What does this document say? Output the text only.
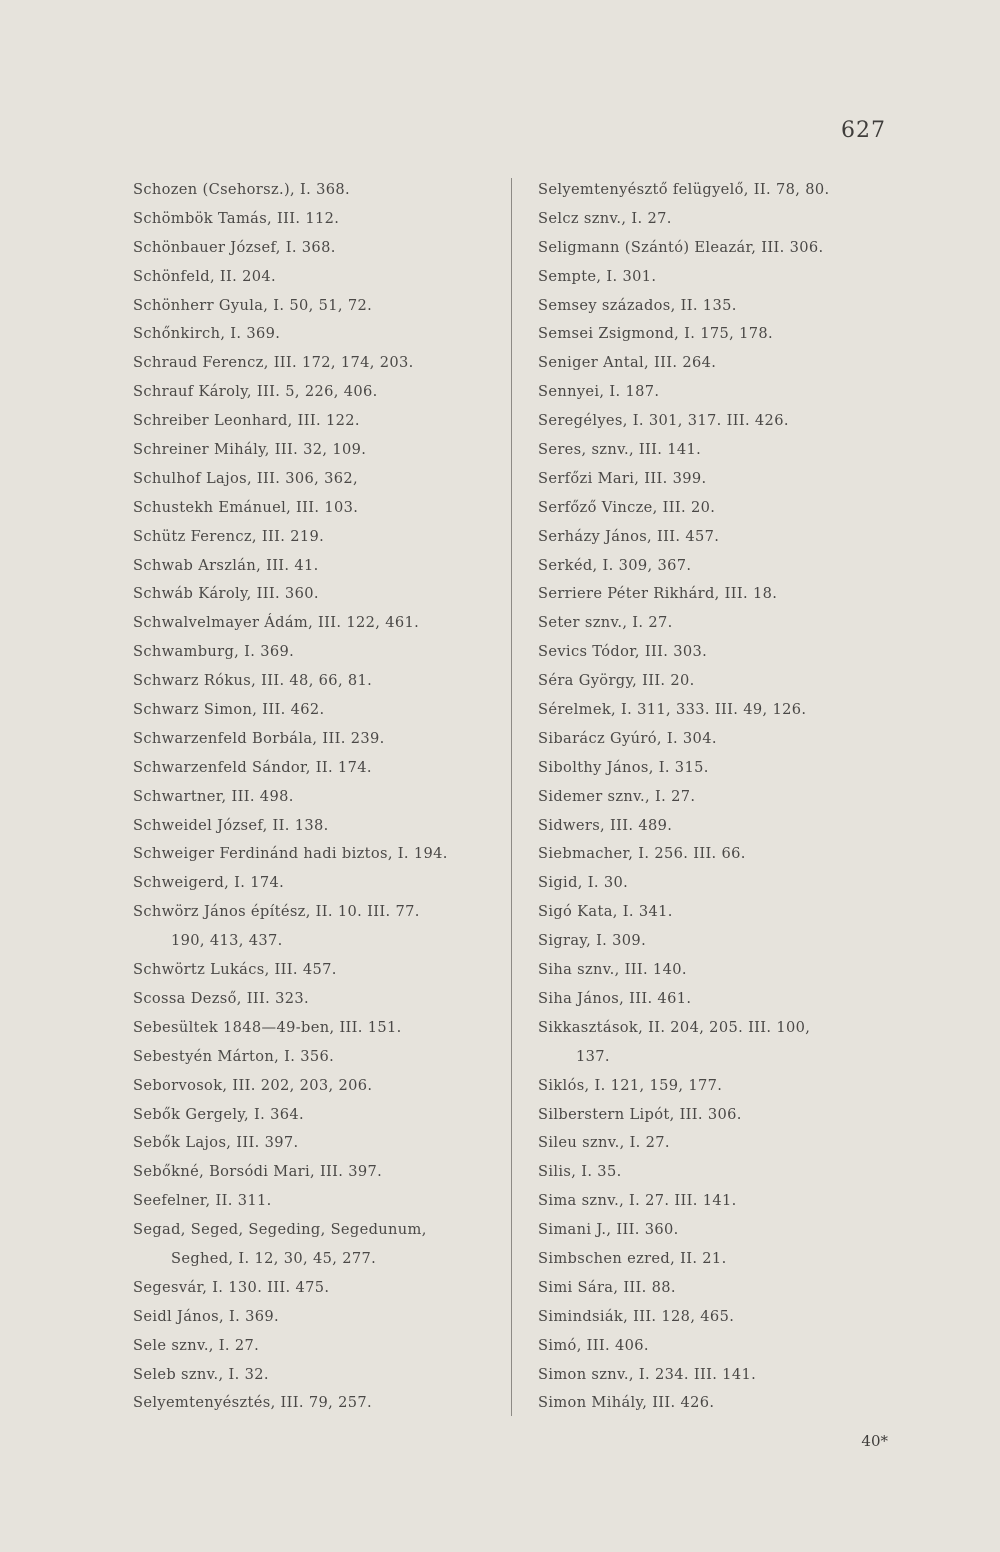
627
Schozen (Csehorsz.), I. 368.
Schömbök Tamás, III. 112.
Schönbauer József, I. 368.
Schönfeld, II. 204.
Schönherr Gyula, I. 50, 51, 72.
Schőnkirch, I. 369.
Schraud Ferencz, III. 172, 174, 203.
Schrauf Károly, III. 5, 226, 406.
Schreiber Leonhard, III. 122.
Schreiner Mihály, III. 32, 109.
Schulhof Lajos, III. 306, 362,
Schustekh Emánuel, III. 103.
Schütz Ferencz, III. 219.
Schwab Arszlán, III. 41.
Schwáb Károly, III. 360.
Schwalvelmayer Ádám, III. 122, 461.
Schwamburg, I. 369.
Schwarz Rókus, III. 48, 66, 81.
Schwarz Simon, III. 462.
Schwarzenfeld Borbála, III. 239.
Schwarzenfeld Sándor, II. 174.
Schwartner, III. 498.
Schweidel József, II. 138.
Schweiger Ferdinánd hadi biztos, I. 194.
Schweigerd, I. 174.
Schwörz János építész, II. 10. III. 77.
190, 413, 437.
Schwörtz Lukács, III. 457.
Scossa Dezső, III. 323.
Sebesültek 1848—49-ben, III. 151.
Sebestyén Márton, I. 356.
Seborvosok, III. 202, 203, 206.
Sebők Gergely, I. 364.
Sebők Lajos, III. 397.
Sebőkné, Borsódi Mari, III. 397.
Seefelner, II. 311.
Segad, Seged, Segeding, Segedunum,
Seghed, I. 12, 30, 45, 277.
Segesvár, I. 130. III. 475.
Seidl János, I. 369.
Sele sznv., I. 27.
Seleb sznv., I. 32.
Selyemtenyésztés, III. 79, 257.
Selyemtenyésztő felügyelő, II. 78, 80.
Selcz sznv., I. 27.
Seligmann (Szántó) Eleazár, III. 306.
Sempte, I. 301.
Semsey százados, II. 135.
Semsei Zsigmond, I. 175, 178.
Seniger Antal, III. 264.
Sennyei, I. 187.
Seregélyes, I. 301, 317. III. 426.
Seres, sznv., III. 141.
Serfőzi Mari, III. 399.
Serfőző Vincze, III. 20.
Serházy János, III. 457.
Serkéd, I. 309, 367.
Serriere Péter Rikhárd, III. 18.
Seter sznv., I. 27.
Sevics Tódor, III. 303.
Séra György, III. 20.
Sérelmek, I. 311, 333. III. 49, 126.
Sibarácz Gyúró, I. 304.
Sibolthy János, I. 315.
Sidemer sznv., I. 27.
Sidwers, III. 489.
Siebmacher, I. 256. III. 66.
Sigid, I. 30.
Sigó Kata, I. 341.
Sigray, I. 309.
Siha sznv., III. 140.
Siha János, III. 461.
Sikkasztások, II. 204, 205. III. 100,
137.
Siklós, I. 121, 159, 177.
Silberstern Lipót, III. 306.
Sileu sznv., I. 27.
Silis, I. 35.
Sima sznv., I. 27. III. 141.
Simani J., III. 360.
Simbschen ezred, II. 21.
Simi Sára, III. 88.
Simindsiák, III. 128, 465.
Simó, III. 406.
Simon sznv., I. 234. III. 141.
Simon Mihály, III. 426.
40*
